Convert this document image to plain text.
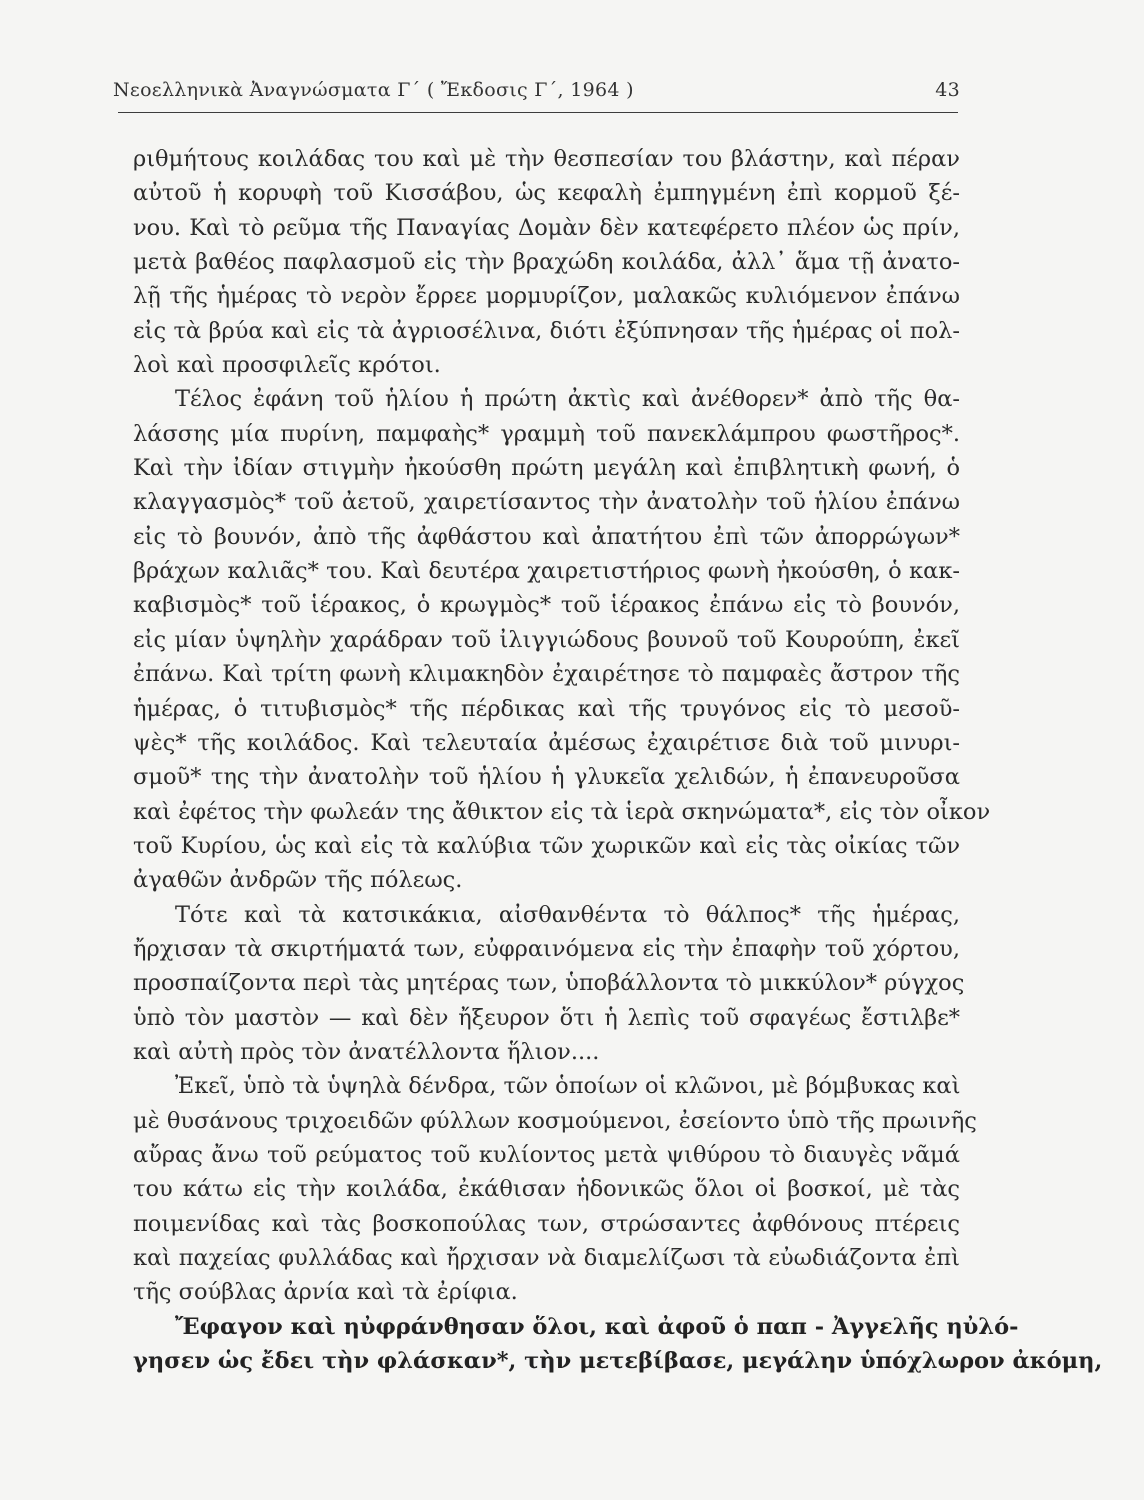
Νεοελληνικὰ Ἀναγνώσματα Γ΄ ( Ἔκδοσις Γ΄, 1964 )	43
ριθμήτους κοιλάδας του καὶ μὲ τὴν θεσπεσίαν του βλάστην, καὶ πέραν
αὐτοῦ ἡ κορυφὴ τοῦ Κισσάβου, ὡς κεφαλὴ ἐμπηγμένη ἐπὶ κορμοῦ ξέ-
νου. Καὶ τὸ ρεῦμα τῆς Παναγίας Δομὰν δὲν κατεφέρετο πλέον ὡς πρίν,
μετὰ βαθέος παφλασμοῦ εἰς τὴν βραχώδη κοιλάδα, ἀλλ᾿ ἅμα τῇ ἀνατο-
λῇ τῆς ἡμέρας τὸ νερὸν ἔρρεε μορμυρίζον, μαλακῶς κυλιόμενον ἐπάνω
εἰς τὰ βρύα καὶ εἰς τὰ ἀγριοσέλινα, διότι ἐξύπνησαν τῆς ἡμέρας οἱ πολ-
λοὶ καὶ προσφιλεῖς κρότοι.
Τέλος ἐφάνη τοῦ ἡλίου ἡ πρώτη ἀκτὶς καὶ ἀνέθορεν* ἀπὸ τῆς θα-
λάσσης μία πυρίνη, παμφαὴς* γραμμὴ τοῦ πανεκλάμπρου φωστῆρος*.
Καὶ τὴν ἰδίαν στιγμὴν ἠκούσθη πρώτη μεγάλη καὶ ἐπιβλητικὴ φωνή, ὁ
κλαγγασμὸς* τοῦ ἀετοῦ, χαιρετίσαντος τὴν ἀνατολὴν τοῦ ἡλίου ἐπάνω
εἰς τὸ βουνόν, ἀπὸ τῆς ἀφθάστου καὶ ἀπατήτου ἐπὶ τῶν ἀπορρώγων*
βράχων καλιᾶς* του. Καὶ δευτέρα χαιρετιστήριος φωνὴ ἠκούσθη, ὁ κακ-
καβισμὸς* τοῦ ἱέρακος, ὁ κρωγμὸς* τοῦ ἱέρακος ἐπάνω εἰς τὸ βουνόν,
εἰς μίαν ὑψηλὴν χαράδραν τοῦ ἰλιγγιώδους βουνοῦ τοῦ Κουρούπη, ἐκεῖ
ἐπάνω. Καὶ τρίτη φωνὴ κλιμακηδὸν ἐχαιρέτησε τὸ παμφαὲς ἄστρον τῆς
ἡμέρας, ὁ τιτυβισμὸς* τῆς πέρδικας καὶ τῆς τρυγόνος εἰς τὸ μεσοῦ-
ψὲς* τῆς κοιλάδος. Καὶ τελευταία ἀμέσως ἐχαιρέτισε διὰ τοῦ μινυρι-
σμοῦ* της τὴν ἀνατολὴν τοῦ ἡλίου ἡ γλυκεῖα χελιδών, ἡ ἐπανευροῦσα
καὶ ἐφέτος τὴν φωλεάν της ἄθικτον εἰς τὰ ἱερὰ σκηνώματα*, εἰς τὸν οἶκον
τοῦ Κυρίου, ὡς καὶ εἰς τὰ καλύβια τῶν χωρικῶν καὶ εἰς τὰς οἰκίας τῶν
ἀγαθῶν ἀνδρῶν τῆς πόλεως.
Τότε καὶ τὰ κατσικάκια, αἰσθανθέντα τὸ θάλπος* τῆς ἡμέρας,
ἤρχισαν τὰ σκιρτήματά των, εὐφραινόμενα εἰς τὴν ἐπαφὴν τοῦ χόρτου,
προσπαίζοντα περὶ τὰς μητέρας των, ὑποβάλλοντα τὸ μικκύλον* ρύγχος
ὑπὸ τὸν μαστὸν — καὶ δὲν ἤξευρον ὅτι ἡ λεπὶς τοῦ σφαγέως ἔστιλβε*
καὶ αὐτὴ πρὸς τὸν ἀνατέλλοντα ἥλιον....
Ἐκεῖ, ὑπὸ τὰ ὑψηλὰ δένδρα, τῶν ὁποίων οἱ κλῶνοι, μὲ βόμβυκας καὶ
μὲ θυσάνους τριχοειδῶν φύλλων κοσμούμενοι, ἐσείοντο ὑπὸ τῆς πρωινῆς
αὔρας ἄνω τοῦ ρεύματος τοῦ κυλίοντος μετὰ ψιθύρου τὸ διαυγὲς νᾶμά
του κάτω εἰς τὴν κοιλάδα, ἐκάθισαν ἡδονικῶς ὅλοι οἱ βοσκοί, μὲ τὰς
ποιμενίδας καὶ τὰς βοσκοπούλας των, στρώσαντες ἀφθόνους πτέρεις
καὶ παχείας φυλλάδας καὶ ἤρχισαν νὰ διαμελίζωσι τὰ εὐωδιάζοντα ἐπὶ
τῆς σούβλας ἀρνία καὶ τὰ ἐρίφια.
Ἔφαγον καὶ ηὐφράνθησαν ὅλοι, καὶ ἀφοῦ ὁ παπ - Ἀγγελῆς ηὐλό-
γησεν ὡς ἔδει τὴν φλάσκαν*, τὴν μετεβίβασε, μεγάλην ὑπόχλωρον ἀκόμη,
